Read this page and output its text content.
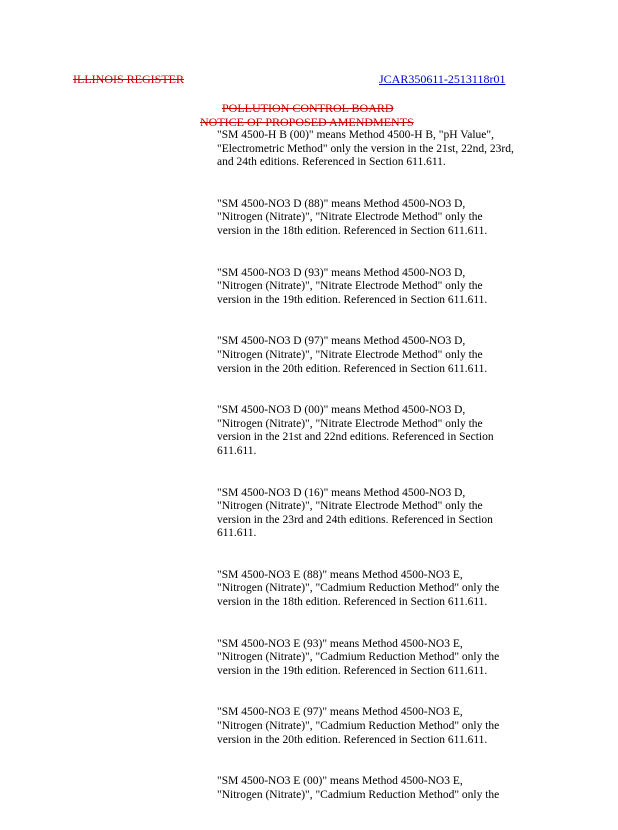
ILLINOIS REGISTER	JCAR350611-2513118r01
POLLUTION CONTROL BOARD
NOTICE OF PROPOSED AMENDMENTS

"SM 4500-H B (00)" means Method 4500-H B, "pH Value",

"Electrometric Method" only the version in the 21st, 22nd, 23rd,

and 24th editions. Referenced in Section 611.611.

"SM 4500-NO3 D (88)" means Method 4500-NO3 D,

"Nitrogen (Nitrate)", "Nitrate Electrode Method" only the

version in the 18th edition. Referenced in Section 611.611.

"SM 4500-NO3 D (93)" means Method 4500-NO3 D,

"Nitrogen (Nitrate)", "Nitrate Electrode Method" only the

version in the 19th edition. Referenced in Section 611.611.

"SM 4500-NO3 D (97)" means Method 4500-NO3 D,

"Nitrogen (Nitrate)", "Nitrate Electrode Method" only the

version in the 20th edition. Referenced in Section 611.611.

"SM 4500-NO3 D (00)" means Method 4500-NO3 D,

"Nitrogen (Nitrate)", "Nitrate Electrode Method" only the

version in the 21st and 22nd editions. Referenced in Section

611.611.

"SM 4500-NO3 D (16)" means Method 4500-NO3 D,

"Nitrogen (Nitrate)", "Nitrate Electrode Method" only the

version in the 23rd and 24th editions. Referenced in Section

611.611.

"SM 4500-NO3 E (88)" means Method 4500-NO3 E,

"Nitrogen (Nitrate)", "Cadmium Reduction Method" only the

version in the 18th edition. Referenced in Section 611.611.

"SM 4500-NO3 E (93)" means Method 4500-NO3 E,

"Nitrogen (Nitrate)", "Cadmium Reduction Method" only the

version in the 19th edition. Referenced in Section 611.611.

"SM 4500-NO3 E (97)" means Method 4500-NO3 E,

"Nitrogen (Nitrate)", "Cadmium Reduction Method" only the

version in the 20th edition. Referenced in Section 611.611.

"SM 4500-NO3 E (00)" means Method 4500-NO3 E,

"Nitrogen (Nitrate)", "Cadmium Reduction Method" only the
